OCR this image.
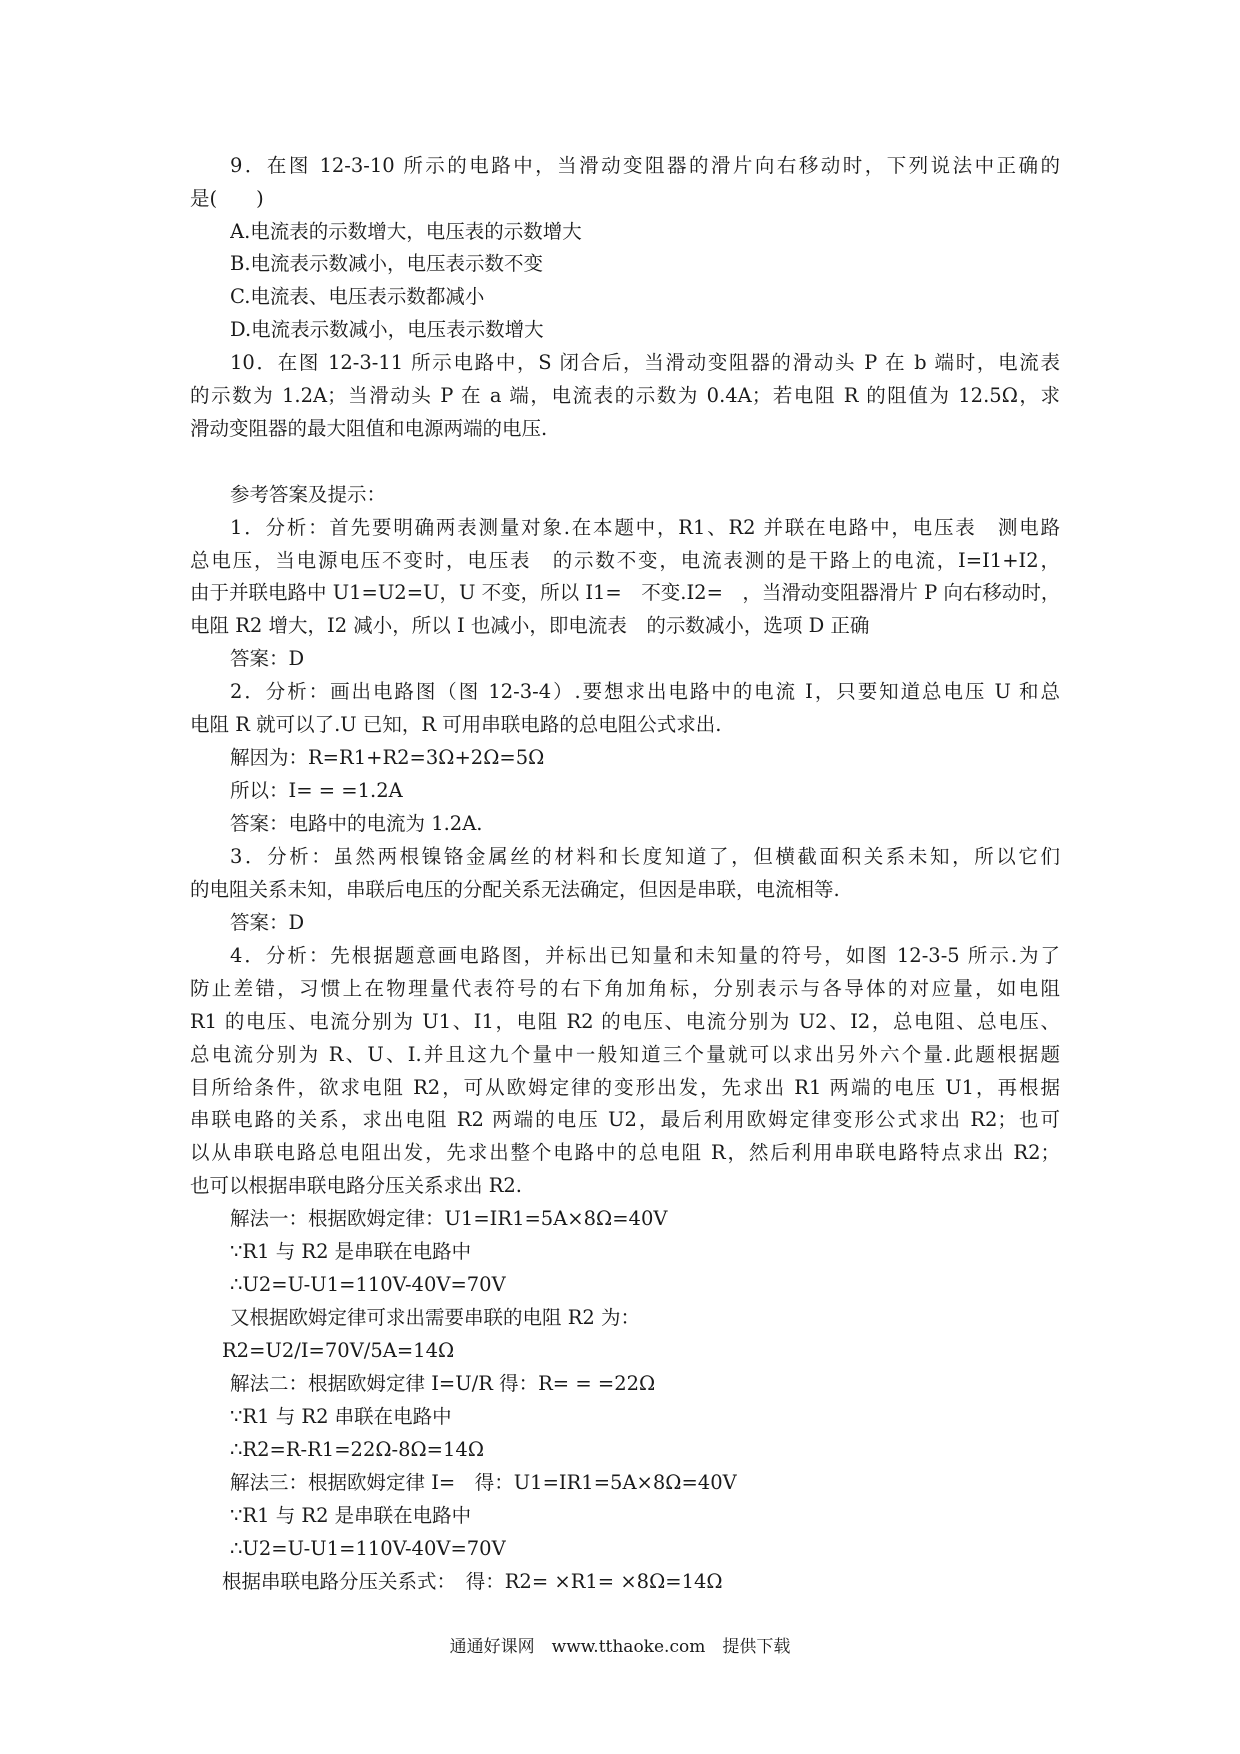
9．在图 12-3-10 所示的电路中，当滑动变阻器的滑片向右移动时，下列说法中正确的
是(　　)
A.电流表的示数增大，电压表的示数增大
B.电流表示数减小，电压表示数不变
C.电流表、电压表示数都减小
D.电流表示数减小，电压表示数增大
10．在图 12-3-11 所示电路中，S 闭合后，当滑动变阻器的滑动头 P 在 b 端时，电流表
的示数为 1.2A；当滑动头 P 在 a 端，电流表的示数为 0.4A；若电阻 R 的阻值为 12.5Ω，求
滑动变阻器的最大阻值和电源两端的电压.
参考答案及提示：
1．分析：首先要明确两表测量对象.在本题中，R1、R2 并联在电路中，电压表　测电路
总电压，当电源电压不变时，电压表　的示数不变，电流表测的是干路上的电流，I=I1+I2，
由于并联电路中 U1=U2=U，U 不变，所以 I1=　不变.I2=　，当滑动变阻器滑片 P 向右移动时，
电阻 R2 增大，I2 减小，所以 I 也减小，即电流表　的示数减小，选项 D 正确
答案：D
2．分析：画出电路图（图 12-3-4）.要想求出电路中的电流 I，只要知道总电压 U 和总
电阻 R 就可以了.U 已知，R 可用串联电路的总电阻公式求出.
解因为：R=R1+R2=3Ω+2Ω=5Ω
所以：I= = =1.2A
答案：电路中的电流为 1.2A.
3．分析：虽然两根镍铬金属丝的材料和长度知道了，但横截面积关系未知，所以它们
的电阻关系未知，串联后电压的分配关系无法确定，但因是串联，电流相等.
答案：D
4．分析：先根据题意画电路图，并标出已知量和未知量的符号，如图 12-3-5 所示.为了
防止差错，习惯上在物理量代表符号的右下角加角标，分别表示与各导体的对应量，如电阻
R1 的电压、电流分别为 U1、I1，电阻 R2 的电压、电流分别为 U2、I2，总电阻、总电压、
总电流分别为 R、U、I.并且这九个量中一般知道三个量就可以求出另外六个量.此题根据题
目所给条件，欲求电阻 R2，可从欧姆定律的变形出发，先求出 R1 两端的电压 U1，再根据
串联电路的关系，求出电阻 R2 两端的电压 U2，最后利用欧姆定律变形公式求出 R2；也可
以从串联电路总电阻出发，先求出整个电路中的总电阻 R，然后利用串联电路特点求出 R2；
也可以根据串联电路分压关系求出 R2.
解法一：根据欧姆定律：U1=IR1=5A×8Ω=40V
∵R1 与 R2 是串联在电路中
∴U2=U-U1=110V-40V=70V
又根据欧姆定律可求出需要串联的电阻 R2 为：
R2=U2/I=70V/5A=14Ω
解法二：根据欧姆定律 I=U/R 得：R= = =22Ω
∵R1 与 R2 串联在电路中
∴R2=R-R1=22Ω-8Ω=14Ω
解法三：根据欧姆定律 I=　得：U1=IR1=5A×8Ω=40V
∵R1 与 R2 是串联在电路中
∴U2=U-U1=110V-40V=70V
根据串联电路分压关系式：　得：R2= ×R1= ×8Ω=14Ω
通通好课网　www.tthaoke.com　提供下载
